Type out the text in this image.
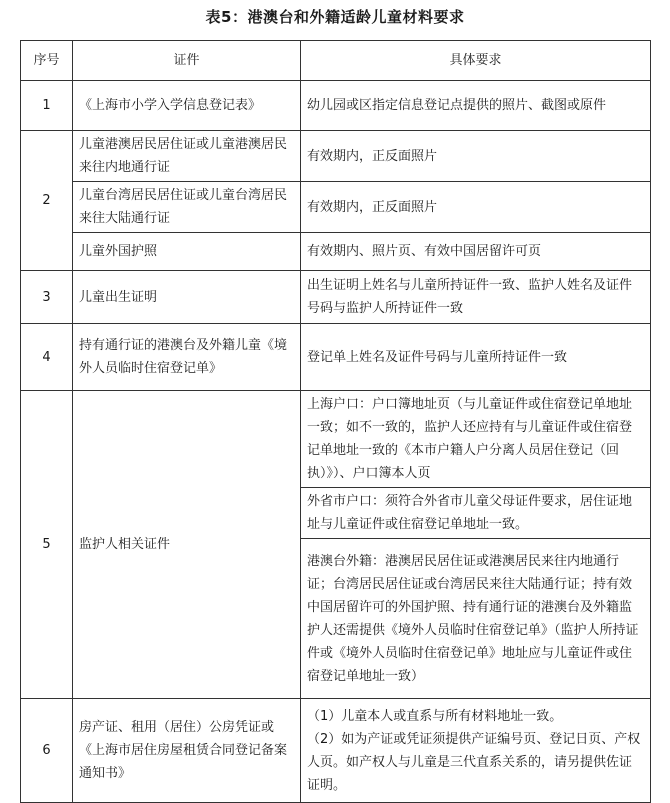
表5：港澳台和外籍适龄儿童材料要求
序号	证件	具体要求
1	《上海市小学入学信息登记表》	幼儿园或区指定信息登记点提供的照片、截图或原件
2	儿童港澳居民居住证或儿童港澳居民来往内地通行证	有效期内，正反面照片
	儿童台湾居民居住证或儿童台湾居民来往大陆通行证	有效期内，正反面照片
	儿童外国护照	有效期内、照片页、有效中国居留许可页
3	儿童出生证明	出生证明上姓名与儿童所持证件一致、监护人姓名及证件号码与监护人所持证件一致
4	持有通行证的港澳台及外籍儿童《境外人员临时住宿登记单》	登记单上姓名及证件号码与儿童所持证件一致
5	监护人相关证件	上海户口：户口簿地址页（与儿童证件或住宿登记单地址一致；如不一致的，监护人还应持有与儿童证件或住宿登记单地址一致的《本市户籍人户分离人员居住登记（回执）》）、户口簿本人页
		外省市户口：须符合外省市儿童父母证件要求，居住证地址与儿童证件或住宿登记单地址一致。
		港澳台外籍：港澳居民居住证或港澳居民来往内地通行证；台湾居民居住证或台湾居民来往大陆通行证；持有效中国居留许可的外国护照、持有通行证的港澳台及外籍监护人还需提供《境外人员临时住宿登记单》（监护人所持证件或《境外人员临时住宿登记单》地址应与儿童证件或住宿登记单地址一致）
6	房产证、租用（居住）公房凭证或《上海市居住房屋租赁合同登记备案通知书》	（1）儿童本人或直系与所有材料地址一致。
（2）如为产证或凭证须提供产证编号页、登记日页、产权人页。如产权人与儿童是三代直系关系的，请另提供佐证证明。
